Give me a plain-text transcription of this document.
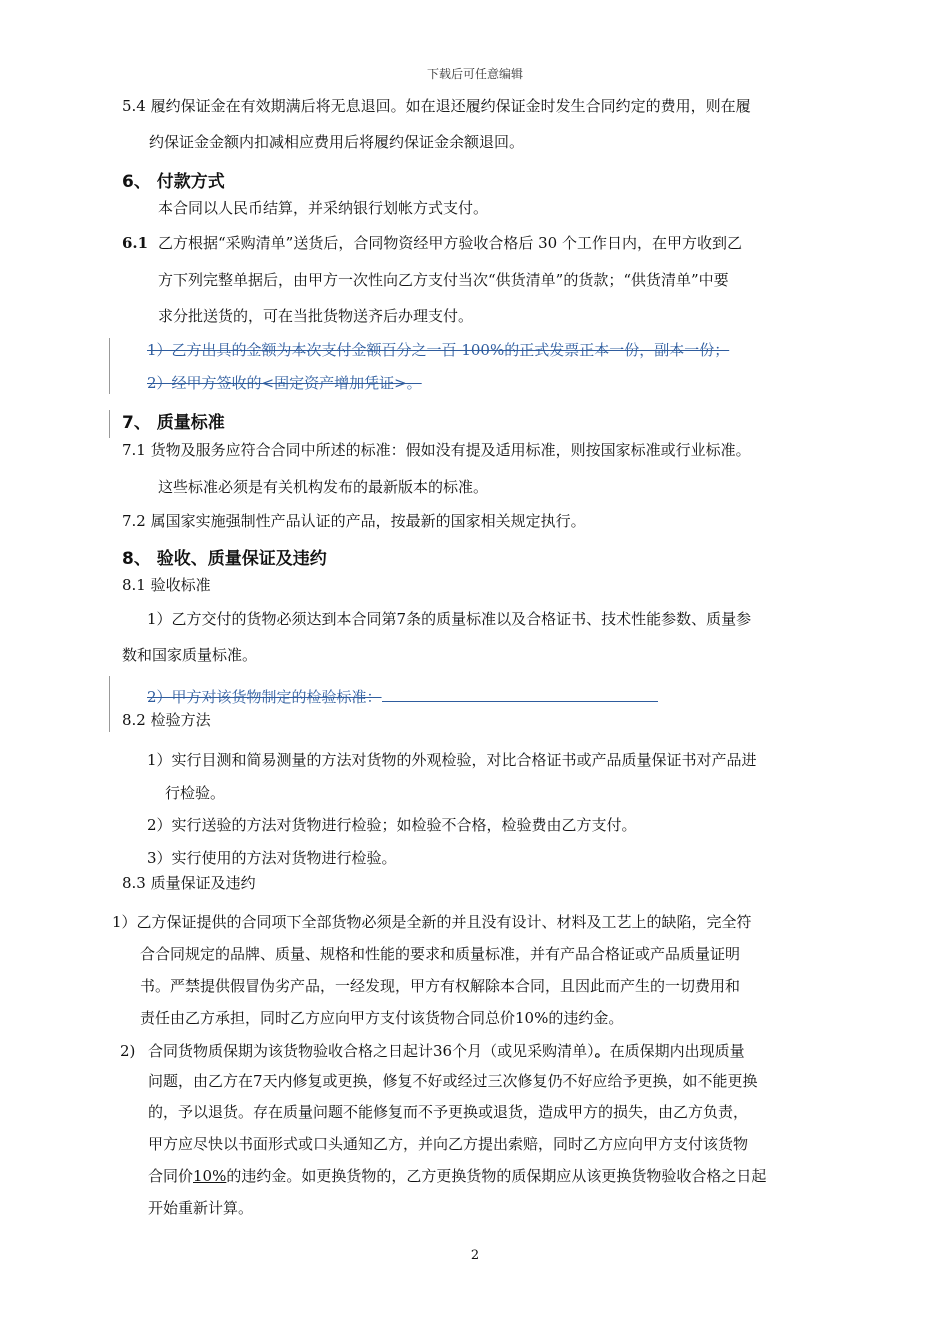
下载后可任意编辑
5.4 履约保证金在有效期满后将无息退回。如在退还履约保证金时发生合同约定的费用，则在履
约保证金金额内扣减相应费用后将履约保证金余额退回。
6、 付款方式
本合同以人民币结算，并采纳银行划帐方式支付。
6.1 乙方根据“采购清单”送货后，合同物资经甲方验收合格后 30 个工作日内，在甲方收到乙
方下列完整单据后，由甲方一次性向乙方支付当次“供货清单”的货款；“供货清单”中要
求分批送货的，可在当批货物送齐后办理支付。
1）乙方出具的金额为本次支付金额百分之一百 100%的正式发票正本一份，副本一份；
2）经甲方签收的<固定资产增加凭证>。
7、 质量标准
7.1 货物及服务应符合合同中所述的标准：假如没有提及适用标准，则按国家标准或行业标准。
这些标准必须是有关机构发布的最新版本的标准。
7.2 属国家实施强制性产品认证的产品，按最新的国家相关规定执行。
8、 验收、质量保证及违约
8.1 验收标准
1）乙方交付的货物必须达到本合同第7条的质量标准以及合格证书、技术性能参数、质量参
数和国家质量标准。
2）甲方对该货物制定的检验标准：
8.2 检验方法
1）实行目测和简易测量的方法对货物的外观检验，对比合格证书或产品质量保证书对产品进
行检验。
2）实行送验的方法对货物进行检验；如检验不合格，检验费由乙方支付。
3）实行使用的方法对货物进行检验。
8.3 质量保证及违约
1）乙方保证提供的合同项下全部货物必须是全新的并且没有设计、材料及工艺上的缺陷，完全符
合合同规定的品牌、质量、规格和性能的要求和质量标准，并有产品合格证或产品质量证明
书。严禁提供假冒伪劣产品，一经发现，甲方有权解除本合同，且因此而产生的一切费用和
责任由乙方承担，同时乙方应向甲方支付该货物合同总价10%的违约金。
2) 合同货物质保期为该货物验收合格之日起计36个月（或见采购清单）。在质保期内出现质量
问题，由乙方在7天内修复或更换，修复不好或经过三次修复仍不好应给予更换，如不能更换
的，予以退货。存在质量问题不能修复而不予更换或退货，造成甲方的损失，由乙方负责，
甲方应尽快以书面形式或口头通知乙方，并向乙方提出索赔，同时乙方应向甲方支付该货物
合同价10%的违约金。如更换货物的，乙方更换货物的质保期应从该更换货物验收合格之日起
开始重新计算。
2
